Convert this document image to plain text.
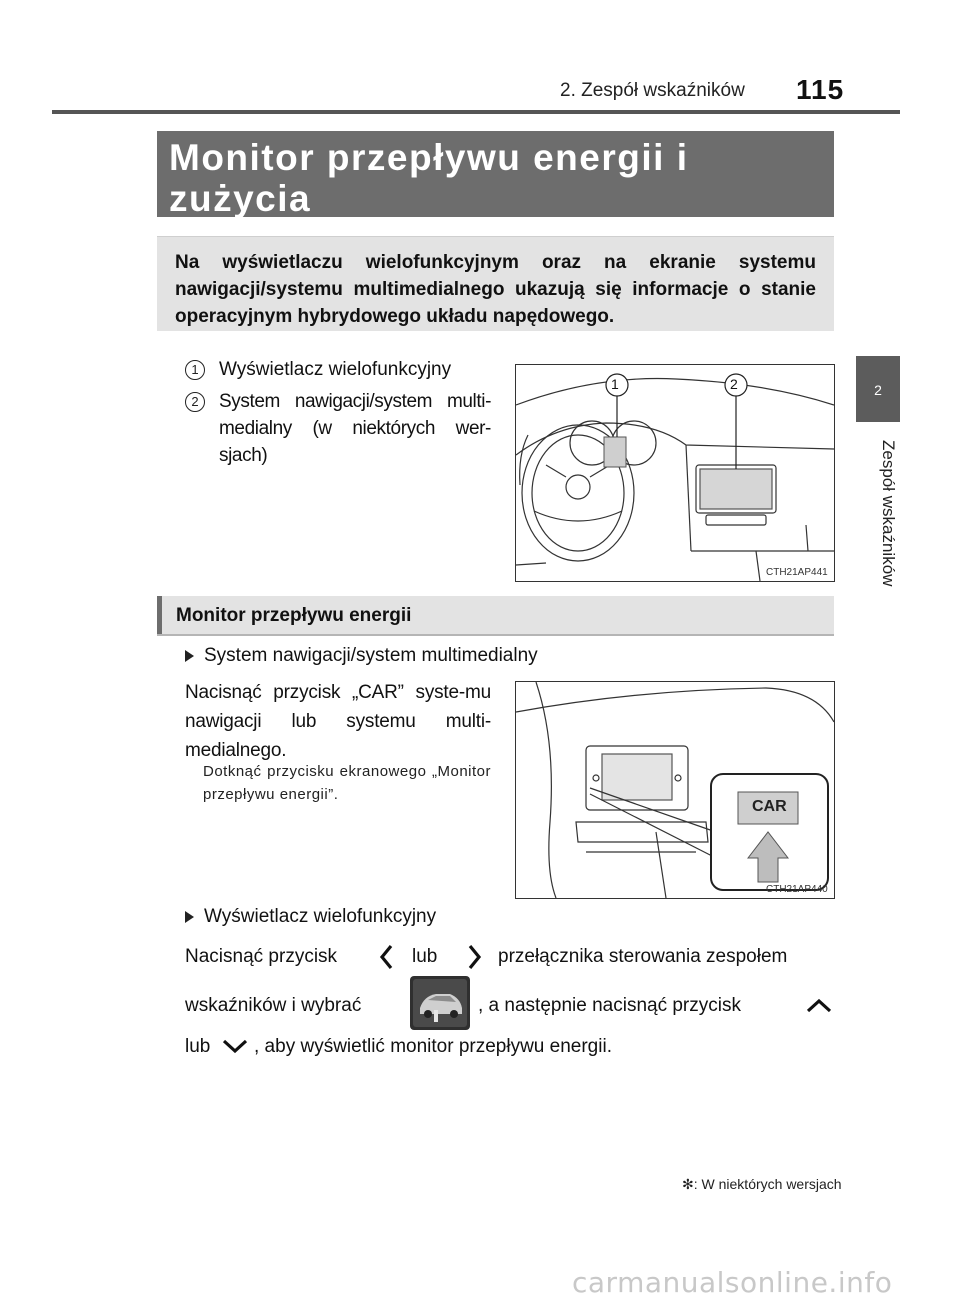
2. Zespół wskaźników 115
2
Zespół wskaźników
Monitor przepływu energii i zużycia

Na wyświetlaczu wielofunkcyjnym oraz na ekranie systemu nawigacji/systemu multimedialnego ukazują się informacje o stanie operacyjnym hybrydowego układu napędowego.

1	Wyświetlacz wielofunkcyjny
2	System nawigacji/system multi-medialny (w niektórych wer-sjach)
1	2
CTH21AP441
Monitor przepływu energii
System nawigacji/system multimedialny
Nacisnąć przycisk „CAR” syste-mu nawigacji lub systemu multi-medialnego.
Dotknąć przycisku ekranowego „Monitor przepływu energii”.
CAR
CTH21AP440
Wyświetlacz wielofunkcyjny
Nacisnąć przycisk	lub	przełącznika sterowania zespołem
wskaźników i wybrać	, a następnie nacisnąć przycisk
lub , aby wyświetlić monitor przepływu energii.
✻: W niektórych wersjach
carmanualsonline.info
